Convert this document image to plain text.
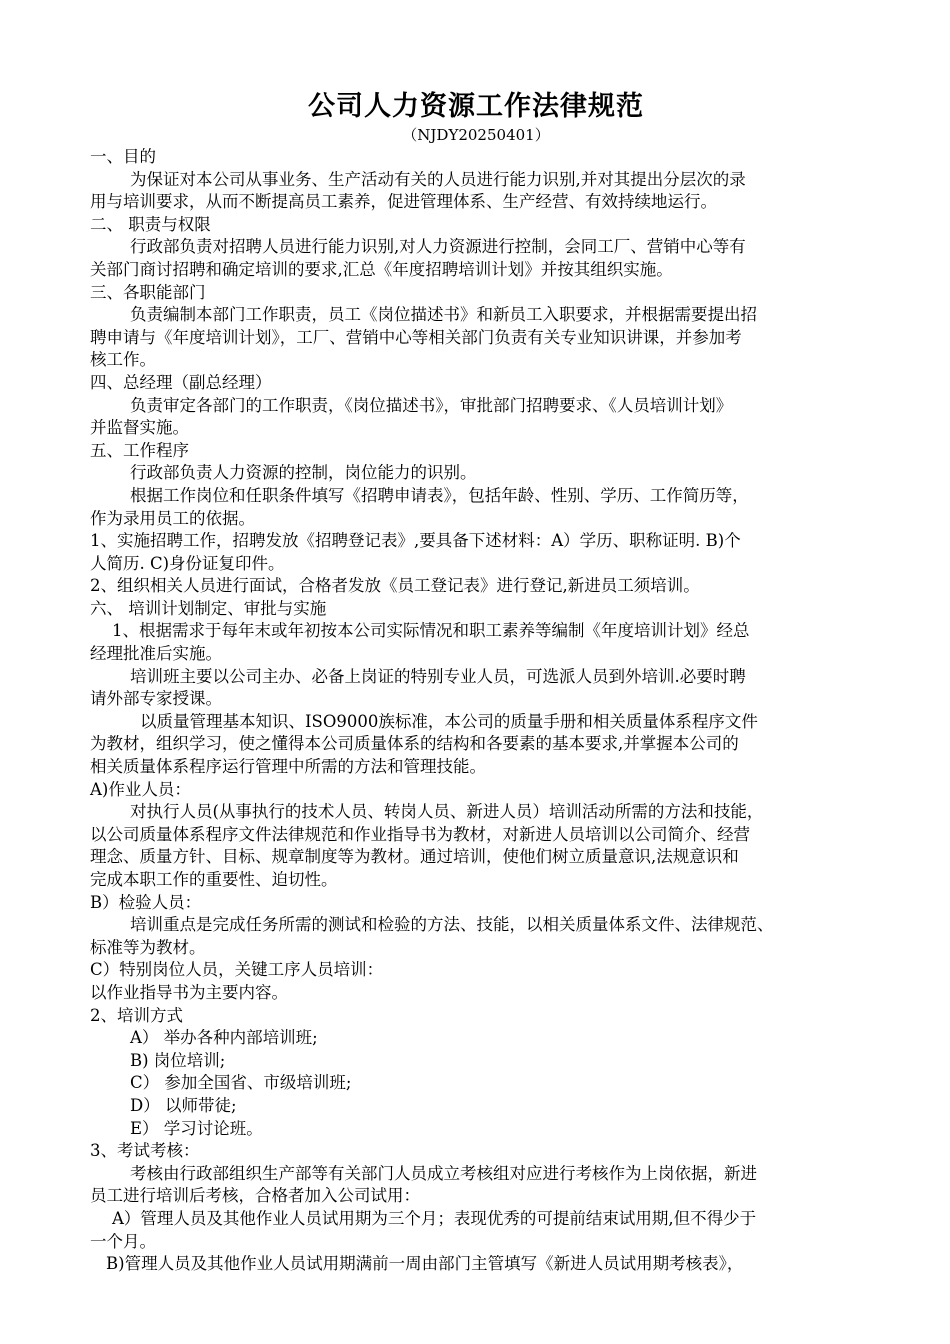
公司人力资源工作法律规范
（NJDY20250401）
一、目的
为保证对本公司从事业务、生产活动有关的人员进行能力识别,并对其提出分层次的录
用与培训要求，从而不断提高员工素养，促进管理体系、生产经营、有效持续地运行。
二、 职责与权限
行政部负责对招聘人员进行能力识别,对人力资源进行控制，会同工厂、营销中心等有
关部门商讨招聘和确定培训的要求,汇总《年度招聘培训计划》并按其组织实施。
三、各职能部门
负责编制本部门工作职责，员工《岗位描述书》和新员工入职要求，并根据需要提出招
聘申请与《年度培训计划》，工厂、营销中心等相关部门负责有关专业知识讲课，并参加考
核工作。
四、总经理（副总经理）
负责审定各部门的工作职责，《岗位描述书》，审批部门招聘要求、《人员培训计划》
并监督实施。
五、工作程序
行政部负责人力资源的控制，岗位能力的识别。
根据工作岗位和任职条件填写《招聘申请表》，包括年龄、性别、学历、工作简历等，
作为录用员工的依据。
1、实施招聘工作，招聘发放《招聘登记表》,要具备下述材料：A）学历、职称证明. B)个
人简历. C)身份证复印件。
2、组织相关人员进行面试，合格者发放《员工登记表》进行登记,新进员工须培训。
六、 培训计划制定、审批与实施
1、根据需求于每年末或年初按本公司实际情况和职工素养等编制《年度培训计划》经总
经理批准后实施。
培训班主要以公司主办、必备上岗证的特别专业人员，可选派人员到外培训.必要时聘
请外部专家授课。
以质量管理基本知识、ISO9000族标准，本公司的质量手册和相关质量体系程序文件
为教材，组织学习，使之懂得本公司质量体系的结构和各要素的基本要求,并掌握本公司的
相关质量体系程序运行管理中所需的方法和管理技能。
A)作业人员：
对执行人员(从事执行的技术人员、转岗人员、新进人员）培训活动所需的方法和技能，
以公司质量体系程序文件法律规范和作业指导书为教材，对新进人员培训以公司简介、经营
理念、质量方针、目标、规章制度等为教材。通过培训，使他们树立质量意识,法规意识和
完成本职工作的重要性、迫切性。
B）检验人员：
培训重点是完成任务所需的测试和检验的方法、技能，以相关质量体系文件、法律规范、
标准等为教材。
C）特别岗位人员，关键工序人员培训：
以作业指导书为主要内容。
2、培训方式
A） 举办各种内部培训班;
B) 岗位培训;
C） 参加全国省、市级培训班;
D） 以师带徒;
E） 学习讨论班。
3、考试考核：
考核由行政部组织生产部等有关部门人员成立考核组对应进行考核作为上岗依据，新进
员工进行培训后考核，合格者加入公司试用：
A）管理人员及其他作业人员试用期为三个月；表现优秀的可提前结束试用期,但不得少于
一个月。
B)管理人员及其他作业人员试用期满前一周由部门主管填写《新进人员试用期考核表》，
